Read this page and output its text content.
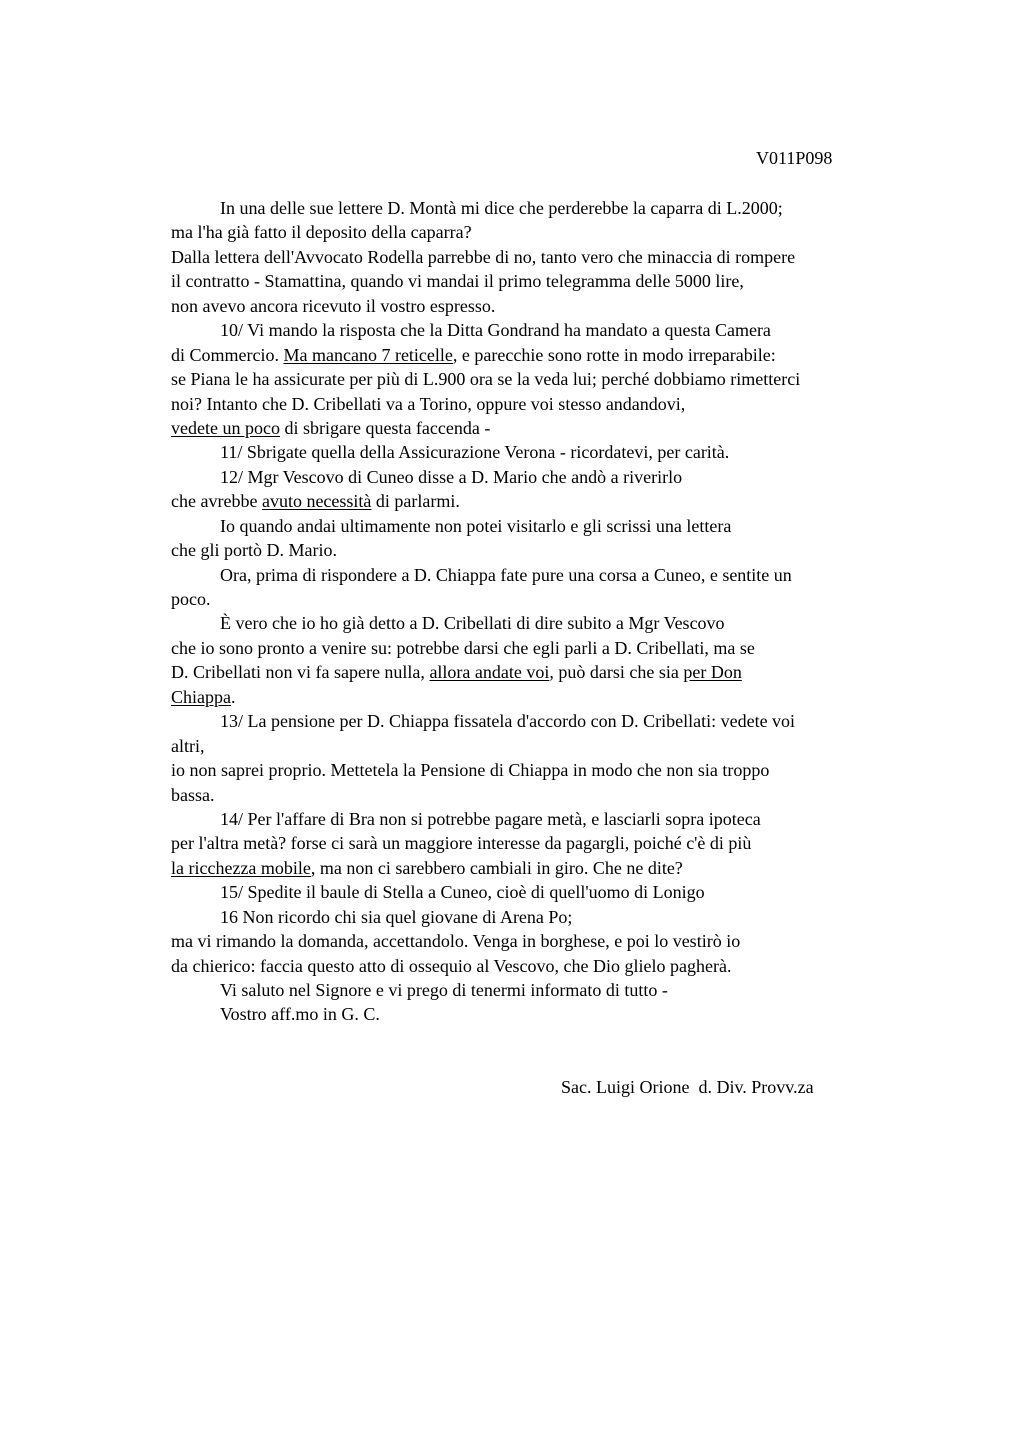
V011P098
In una delle sue lettere D. Montà mi dice che perderebbe la caparra di L.2000;
ma l'ha già fatto il deposito della caparra?
Dalla lettera dell'Avvocato Rodella parrebbe di no, tanto vero che minaccia di rompere
il contratto - Stamattina, quando vi mandai il primo telegramma delle 5000 lire,
non avevo ancora ricevuto il vostro espresso.
10/ Vi mando la risposta che la Ditta Gondrand ha mandato a questa Camera
di Commercio. Ma mancano 7 reticelle, e parecchie sono rotte in modo irreparabile:
se Piana le ha assicurate per più di L.900 ora se la veda lui; perché dobbiamo rimetterci
noi? Intanto che D. Cribellati va a Torino, oppure voi stesso andandovi,
vedete un poco di sbrigare questa faccenda -
11/ Sbrigate quella della Assicurazione Verona - ricordatevi, per carità.
12/ Mgr Vescovo di Cuneo disse a D. Mario che andò a riverirlo
che avrebbe avuto necessità di parlarmi.
Io quando andai ultimamente non potei visitarlo e gli scrissi una lettera
che gli portò D. Mario.
Ora, prima di rispondere a D. Chiappa fate pure una corsa a Cuneo, e sentite un
poco.
È vero che io ho già detto a D. Cribellati di dire subito a Mgr Vescovo
che io sono pronto a venire su: potrebbe darsi che egli parli a D. Cribellati, ma se
D. Cribellati non vi fa sapere nulla, allora andate voi, può darsi che sia per Don
Chiappa.
13/ La pensione per D. Chiappa fissatela d'accordo con D. Cribellati: vedete voi
altri,
io non saprei proprio. Mettetela la Pensione di Chiappa in modo che non sia troppo
bassa.
14/ Per l'affare di Bra non si potrebbe pagare metà, e lasciarli sopra ipoteca
per l'altra metà? forse ci sarà un maggiore interesse da pagargli, poiché c'è di più
la ricchezza mobile, ma non ci sarebbero cambiali in giro. Che ne dite?
15/ Spedite il baule di Stella a Cuneo, cioè di quell'uomo di Lonigo
16 Non ricordo chi sia quel giovane di Arena Po;
ma vi rimando la domanda, accettandolo. Venga in borghese, e poi lo vestirò io
da chierico: faccia questo atto di ossequio al Vescovo, che Dio glielo pagherà.
Vi saluto nel Signore e vi prego di tenermi informato di tutto -
Vostro aff.mo in G. C.
Sac. Luigi Orione  d. Div. Provv.za
